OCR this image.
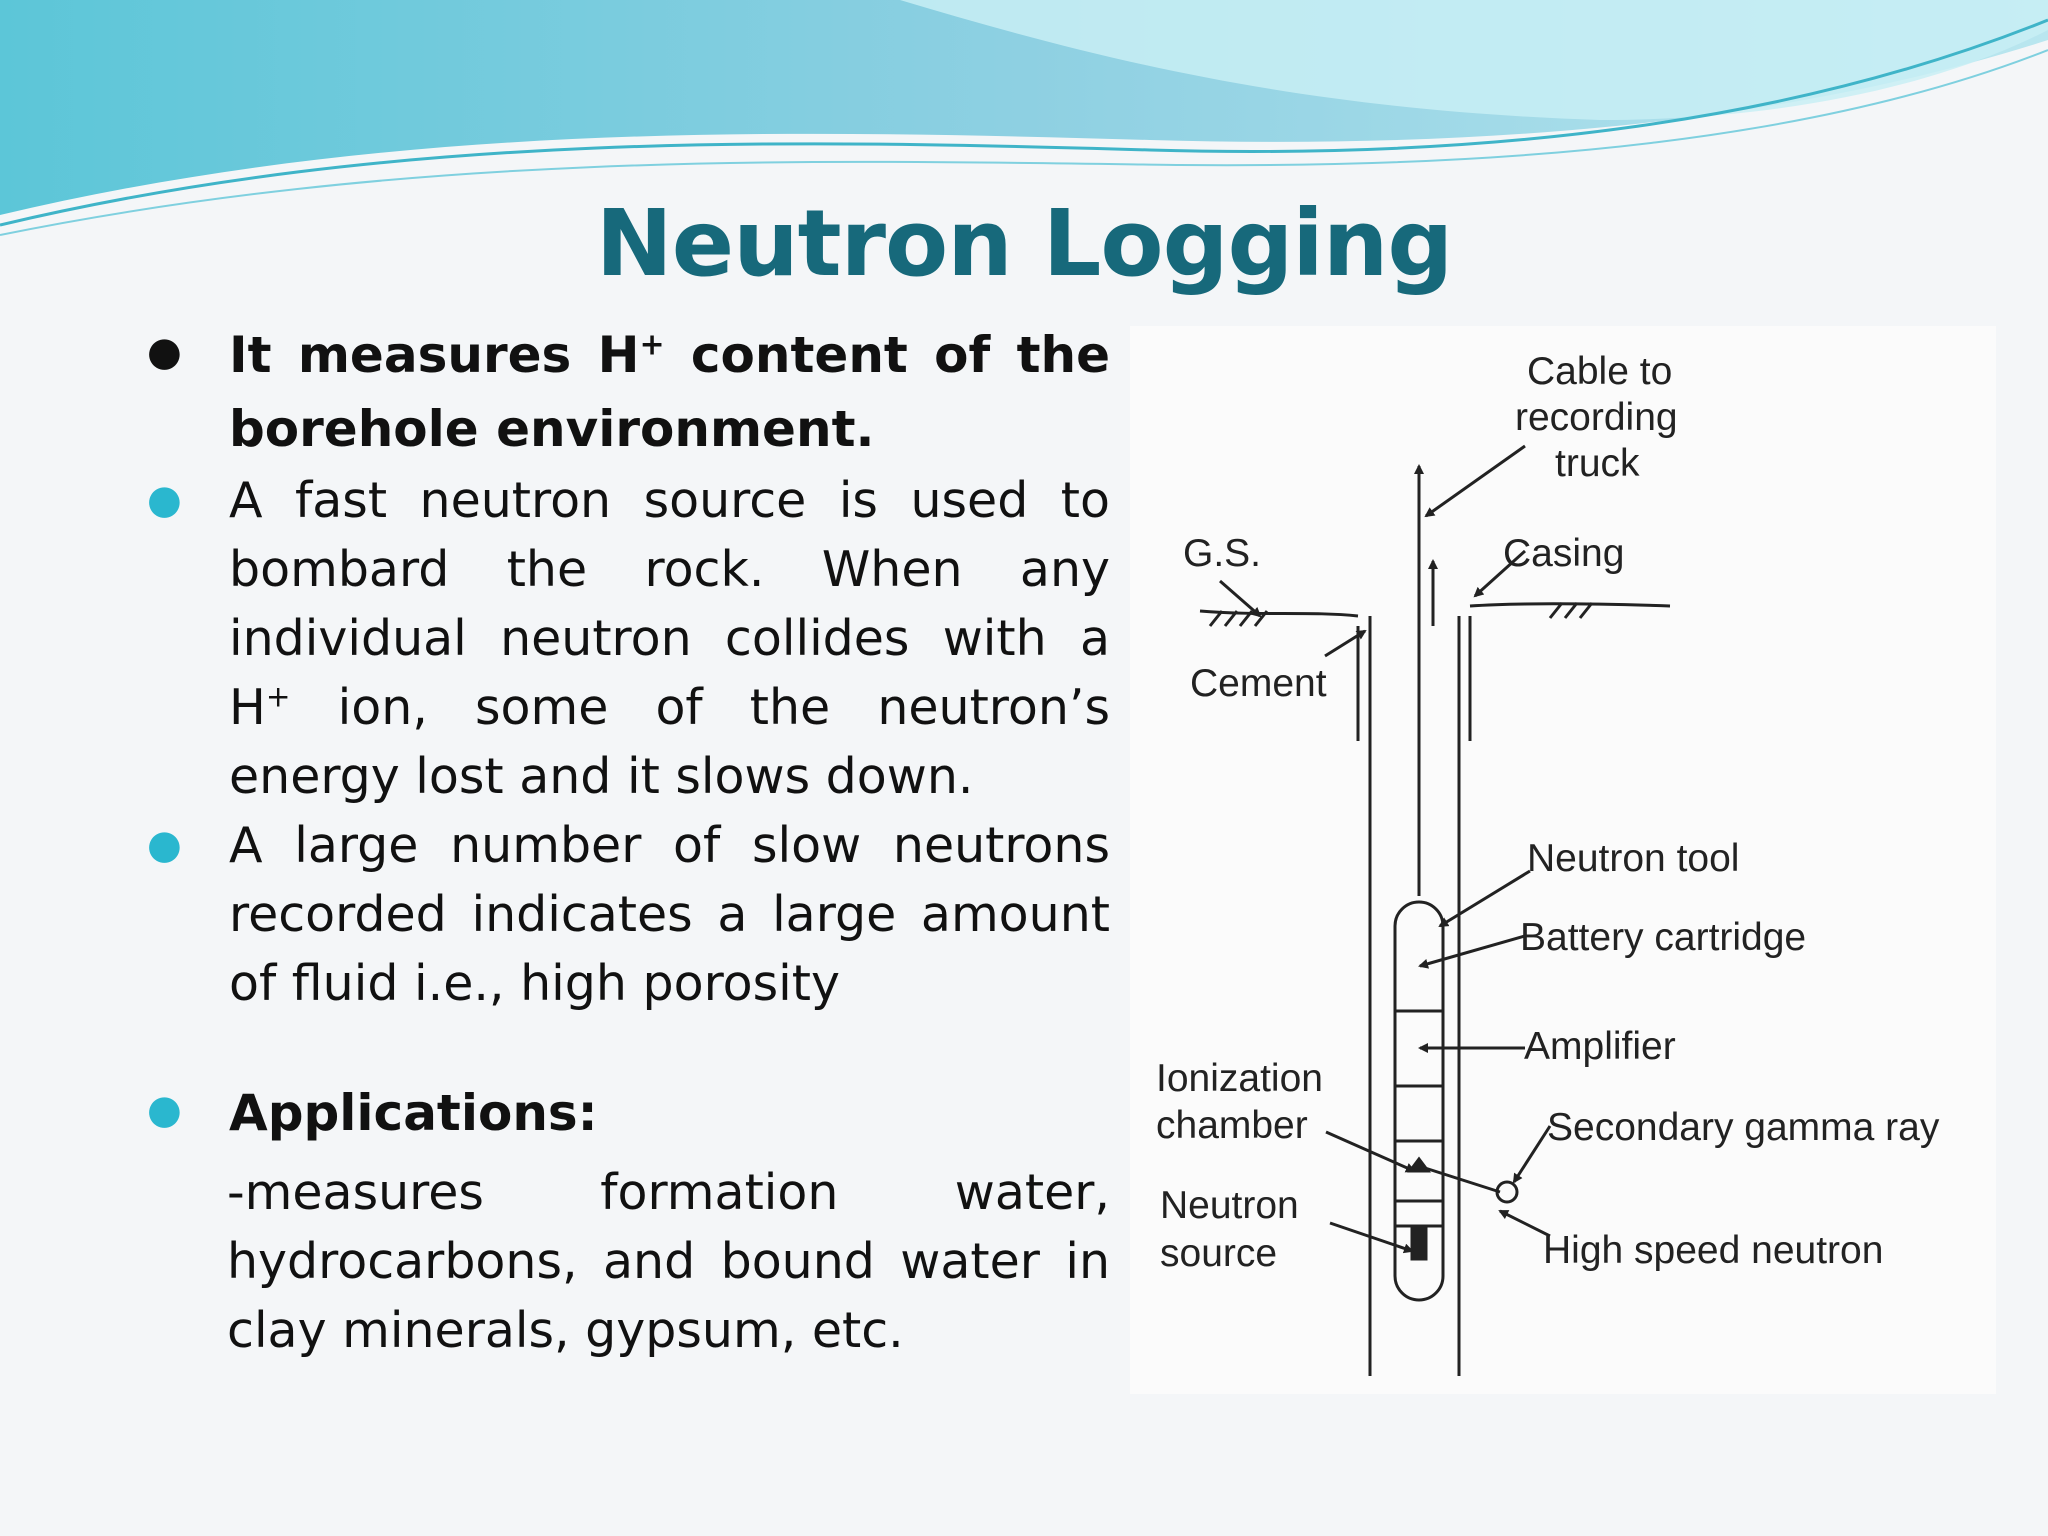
Neutron Logging
● It measures H+ content of the borehole environment.
● A fast neutron source is used to bombard the rock. When any individual neutron collides with a H+ ion, some of the neutron’s energy lost and it slows down.
● A large number of slow neutrons recorded indicates a large amount of fluid i.e., high porosity
● Applications:
-measures formation water, hydrocarbons, and bound water in clay minerals, gypsum, etc.
Cable to
recording
truck
G.S.	Casing
Cement
Neutron tool
Battery cartridge
Amplifier
Ionization
chamber	Secondary gamma ray
Neutron
source	High speed neutron
